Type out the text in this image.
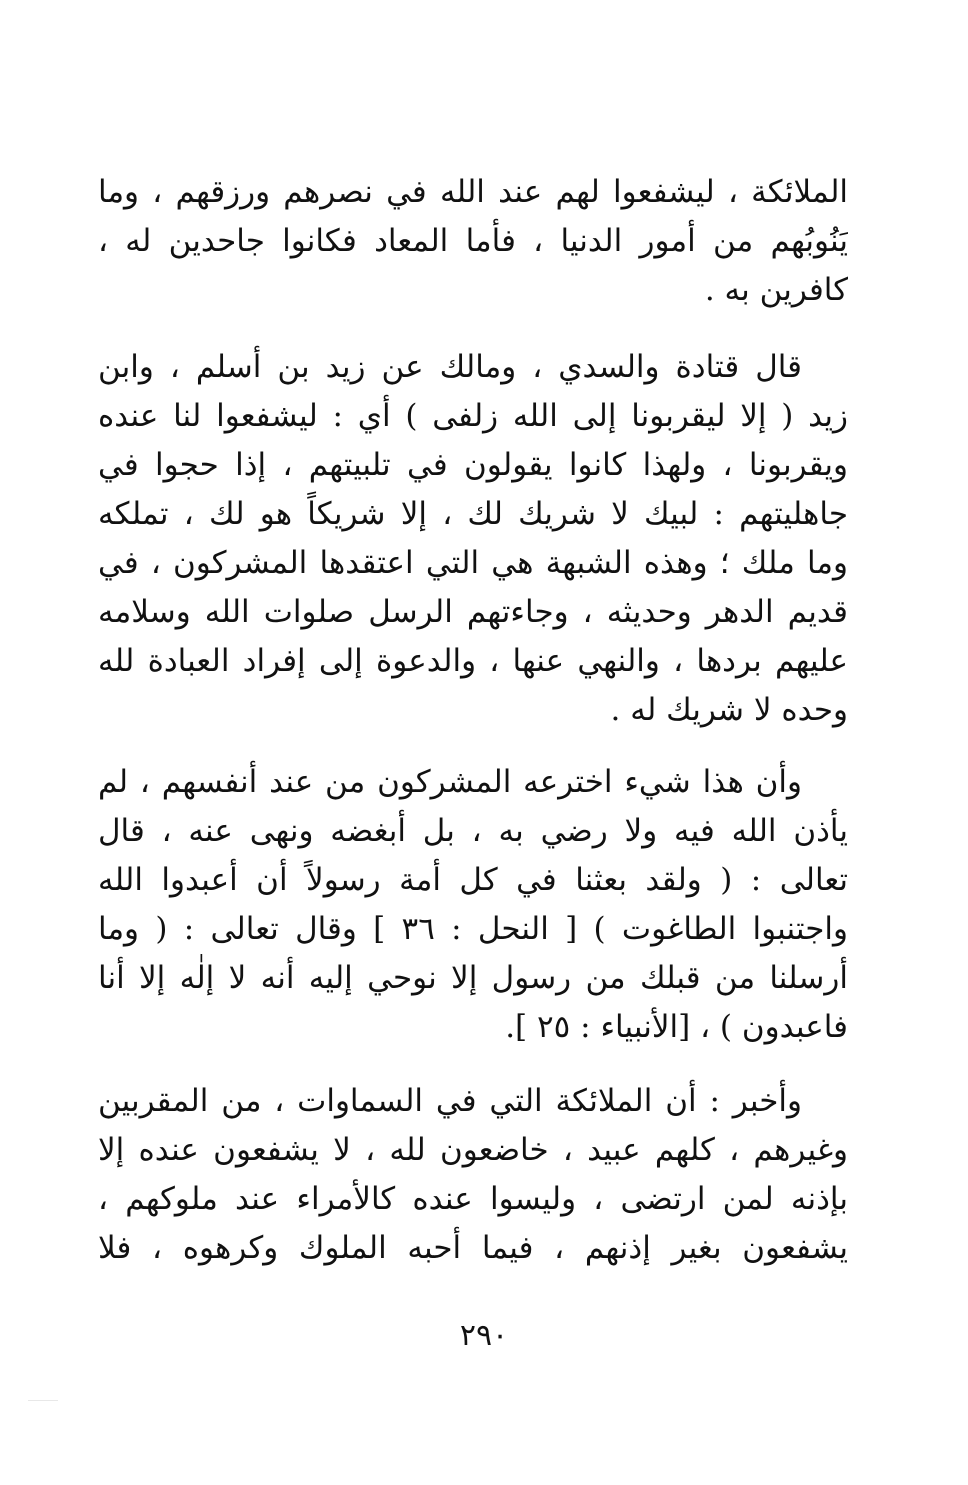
الملائكة ، ليشفعوا لهم عند الله في نصرهم ورزقهم ، وما
يَنُوبُهم من أمور الدنيا ، فأما المعاد فكانوا جاحدين له ،
كافرين به .
قال قتادة والسدي ، ومالك عن زيد بن أسلم ، وابن
زيد ( إلا ليقربونا إلى الله زلفى ) أي : ليشفعوا لنا عنده
ويقربونا ، ولهذا كانوا يقولون في تلبيتهم ، إذا حجوا في
جاهليتهم : لبيك لا شريك لك ، إلا شريكاً هو لك ، تملكه
وما ملك ؛ وهذه الشبهة هي التي اعتقدها المشركون ، في
قديم الدهر وحديثه ، وجاءتهم الرسل صلوات الله وسلامه
عليهم بردها ، والنهي عنها ، والدعوة إلى إفراد العبادة لله
وحده لا شريك له .
وأن هذا شيء اخترعه المشركون من عند أنفسهم ، لم
يأذن الله فيه ولا رضي به ، بل أبغضه ونهى عنه ، قال
تعالى : ( ولقد بعثنا في كل أمة رسولاً أن أعبدوا الله
واجتنبوا الطاغوت ) [ النحل : ٣٦ ] وقال تعالى : ( وما
أرسلنا من قبلك من رسول إلا نوحي إليه أنه لا إلٰه إلا أنا
فاعبدون ) ، [الأنبياء : ٢٥ ].
وأخبر : أن الملائكة التي في السماوات ، من المقربين
وغيرهم ، كلهم عبيد ، خاضعون لله ، لا يشفعون عنده إلا
بإذنه لمن ارتضى ، وليسوا عنده كالأمراء عند ملوكهم ،
يشفعون بغير إذنهم ، فيما أحبه الملوك وكرهوه ، فلا
٢٩٠
